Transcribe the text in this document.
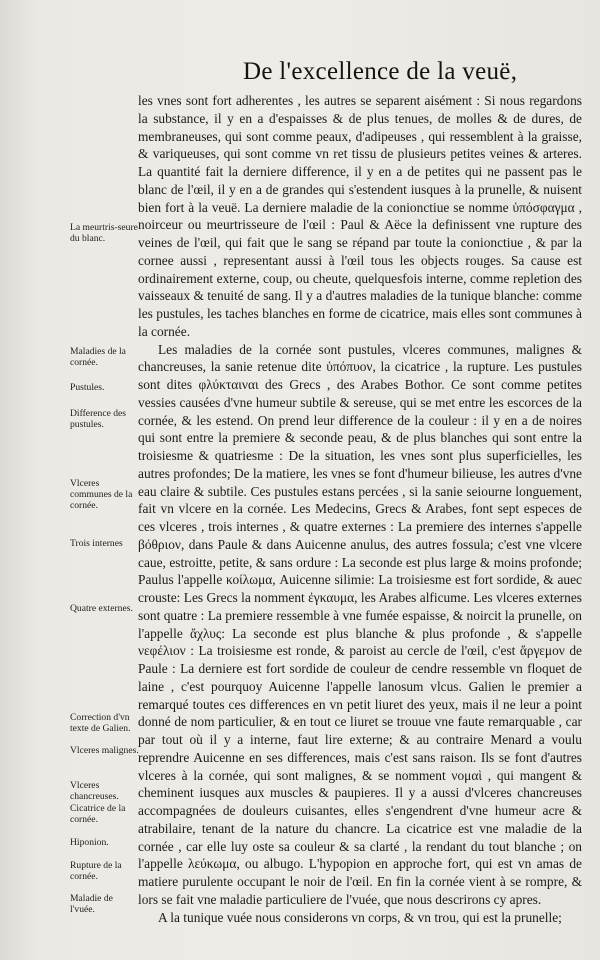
De l'excellence de la veuë,

les vnes sont fort adherentes , les autres se separent aisément : Si nous regardons la substance, il y en a d'espaisses & de plus tenues, de molles & de dures, de membraneuses, qui sont comme peaux, d'adipeuses , qui ressemblent à la graisse, & variqueuses, qui sont comme vn ret tissu de plusieurs petites veines & arteres. La quantité fait la derniere difference, il y en a de petites qui ne passent pas le blanc de l'œil, il y en a de grandes qui s'estendent iusques à la prunelle, & nuisent bien fort à la veuë. La derniere maladie de la conionctiue se nomme ὑπόσφαγμα , noirceur ou meurtrisseure de l'œil : Paul & Aëce la definissent vne rupture des veines de l'œil, qui fait que le sang se répand par toute la conionctiue , & par la cornee aussi , representant aussi à l'œil tous les objects rouges. Sa cause est ordinairement externe, coup, ou cheute, quelquesfois interne, comme repletion des vaisseaux & tenuité de sang. Il y a d'autres maladies de la tunique blanche: comme les pustules, les taches blanches en forme de cicatrice, mais elles sont communes à la cornée.

Les maladies de la cornée sont pustules, vlceres communes, malignes & chancreuses, la sanie retenue dite ὑπόπυον, la cicatrice , la rupture. Les pustules sont dites φλύκταιναι des Grecs , des Arabes Bothor. Ce sont comme petites vessies causées d'vne humeur subtile & sereuse, qui se met entre les escorces de la cornée, & les estend. On prend leur difference de la couleur : il y en a de noires qui sont entre la premiere & seconde peau, & de plus blanches qui sont entre la troisiesme & quatriesme : De la situation, les vnes sont plus superficielles, les autres profondes; De la matiere, les vnes se font d'humeur bilieuse, les autres d'vne eau claire & subtile. Ces pustules estans percées , si la sanie seiourne longuement, fait vn vlcere en la cornée. Les Medecins, Grecs & Arabes, font sept especes de ces vlceres , trois internes , & quatre externes : La premiere des internes s'appelle βόθριον, dans Paule & dans Auicenne anulus, des autres fossula; c'est vne vlcere caue, estroitte, petite, & sans ordure : La seconde est plus large & moins profonde; Paulus l'appelle κοίλωμα, Auicenne silimie: La troisiesme est fort sordide, & auec crouste: Les Grecs la nomment ἐγκαυμα, les Arabes alficume. Les vlceres externes sont quatre : La premiere ressemble à vne fumée espaisse, & noircit la prunelle, on l'appelle ἄχλυς: La seconde est plus blanche & plus profonde , & s'appelle νεφέλιον : La troisiesme est ronde, & paroist au cercle de l'œil, c'est ἄργεμον de Paule : La derniere est fort sordide de couleur de cendre ressemble vn floquet de laine , c'est pourquoy Auicenne l'appelle lanosum vlcus. Galien le premier a remarqué toutes ces differences en vn petit liuret des yeux, mais il ne leur a point donné de nom particulier, & en tout ce liuret se trouue vne faute remarquable , car par tout où il y a interne, faut lire externe; & au contraire Menard a voulu reprendre Auicenne en ses differences, mais c'est sans raison. Ils se font d'autres vlceres à la cornée, qui sont malignes, & se nomment νομαὶ , qui mangent & cheminent iusques aux muscles & paupieres. Il y a aussi d'vlceres chancreuses accompagnées de douleurs cuisantes, elles s'engendrent d'vne humeur acre & atrabilaire, tenant de la nature du chancre. La cicatrice est vne maladie de la cornée , car elle luy oste sa couleur & sa clarté , la rendant du tout blanche ; on l'appelle λεύκωμα, ou albugo. L'hypopion en approche fort, qui est vn amas de matiere purulente occupant le noir de l'œil. En fin la cornée vient à se rompre, & lors se fait vne maladie particuliere de l'vuée, que nous descrirons cy apres.

A la tunique vuée nous considerons vn corps, & vn trou, qui est la prunelle;

La meurtris-seure du blanc.
Maladies de la cornée.
Pustules.
Difference des pustules.
Vlceres communes de la cornée.
Trois internes
Quatre externes.
Correction d'vn texte de Galien.
Vlceres malignes.
Vlceres chancreuses.
Cicatrice de la cornée.
Hiponion.
Rupture de la cornée.
Maladie de l'vuée.
